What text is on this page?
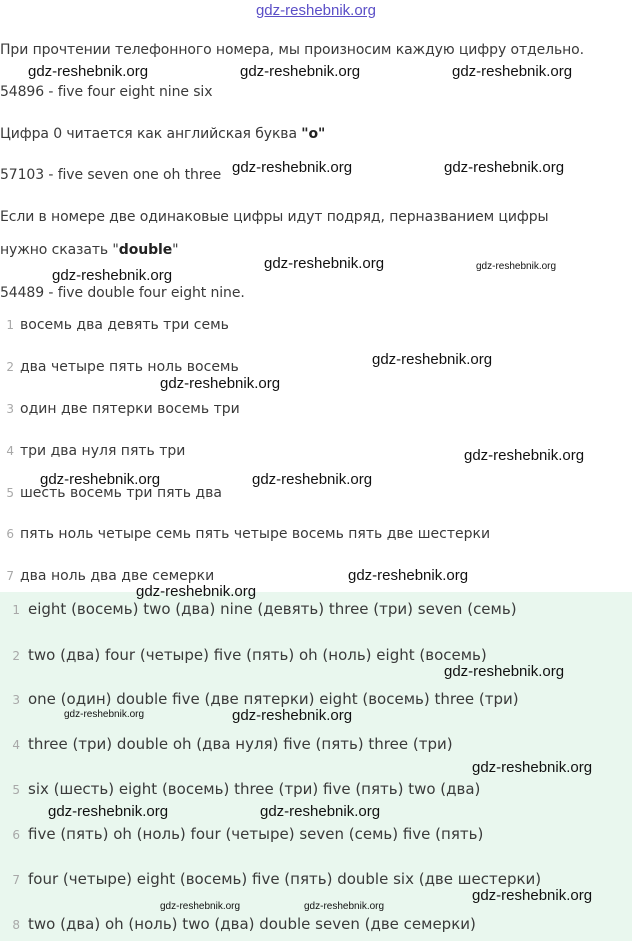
gdz-reshebnik.org
При прочтении телефонного номера, мы произносим каждую цифру отдельно.
54896 - five four eight nine six
Цифра 0 читается как английская буква "o"
57103 - five seven one oh three
Если в номере две одинаковые цифры идут подряд, перназванием цифры
нужно сказать "double"
54489 - five double four eight nine.
1 восемь два девять три семь
2 два четыре пять ноль восемь
3 один две пятерки восемь три
4 три два нуля пять три
5 шесть восемь три пять два
6 пять ноль четыре семь пять четыре восемь пять две шестерки
7 два ноль два две семерки
1 eight (восемь) two (два) nine (девять) three (три) seven (семь)
2 two (два) four (четыре) five (пять) oh (ноль) eight (восемь)
3 one (один) double five (две пятерки) eight (восемь) three (три)
4 three (три) double oh (два нуля) five (пять) three (три)
5 six (шесть) eight (восемь) three (три) five (пять) two (два)
6 five (пять) oh (ноль) four (четыре) seven (семь) five (пять)
7 four (четыре) eight (восемь) five (пять) double six (две шестерки)
8 two (два) oh (ноль) two (два) double seven (две семерки)
gdz-reshebnik.org	gdz-reshebnik.org	gdz-reshebnik.org
gdz-reshebnik.org	gdz-reshebnik.org
gdz-reshebnik.org	gdz-reshebnik.org
gdz-reshebnik.org
gdz-reshebnik.org
gdz-reshebnik.org
gdz-reshebnik.org
gdz-reshebnik.org	gdz-reshebnik.org
gdz-reshebnik.org
gdz-reshebnik.org
gdz-reshebnik.org
gdz-reshebnik.org	gdz-reshebnik.org
gdz-reshebnik.org
gdz-reshebnik.org	gdz-reshebnik.org
gdz-reshebnik.org
gdz-reshebnik.org	gdz-reshebnik.org
